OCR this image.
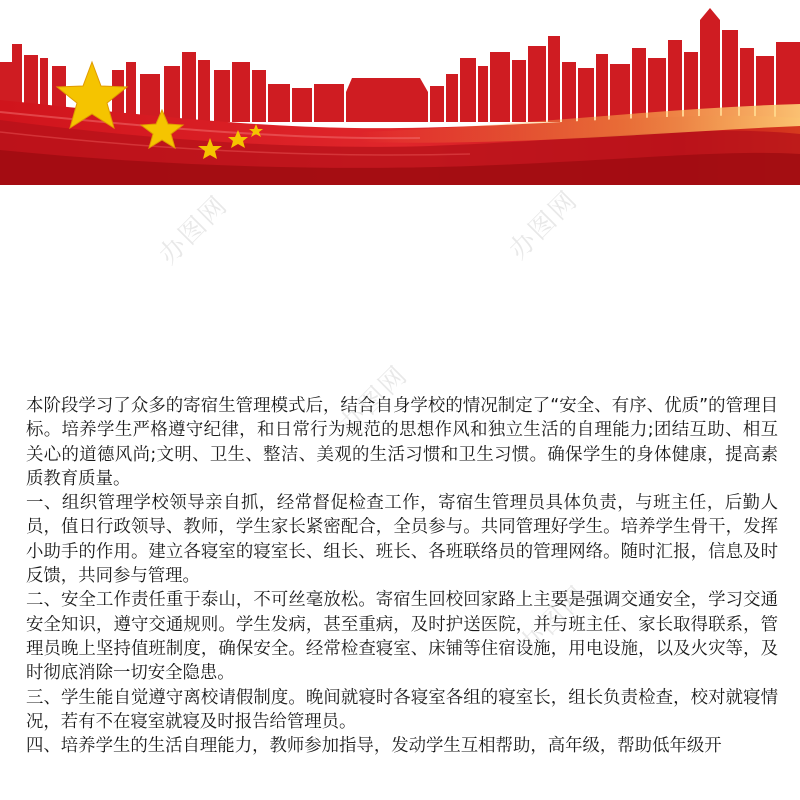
办图网	办图网
办图网
办图网

本阶段学习了众多的寄宿生管理模式后，结合自身学校的情况制定了“安全、有序、优质”的管理目标。培养学生严格遵守纪律，和日常行为规范的思想作风和独立生活的自理能力;团结互助、相互关心的道德风尚;文明、卫生、整洁、美观的生活习惯和卫生习惯。确保学生的身体健康，提高素质教育质量。

一、组织管理学校领导亲自抓，经常督促检查工作，寄宿生管理员具体负责，与班主任，后勤人员，值日行政领导、教师，学生家长紧密配合，全员参与。共同管理好学生。培养学生骨干，发挥小助手的作用。建立各寝室的寝室长、组长、班长、各班联络员的管理网络。随时汇报，信息及时反馈，共同参与管理。

二、安全工作责任重于泰山，不可丝毫放松。寄宿生回校回家路上主要是强调交通安全，学习交通安全知识，遵守交通规则。学生发病，甚至重病，及时护送医院，并与班主任、家长取得联系，管理员晚上坚持值班制度，确保安全。经常检查寝室、床铺等住宿设施，用电设施，以及火灾等，及时彻底消除一切安全隐患。

三、学生能自觉遵守离校请假制度。晚间就寝时各寝室各组的寝室长，组长负责检查，校对就寝情况，若有不在寝室就寝及时报告给管理员。

四、培养学生的生活自理能力，教师参加指导，发动学生互相帮助，高年级，帮助低年级开
